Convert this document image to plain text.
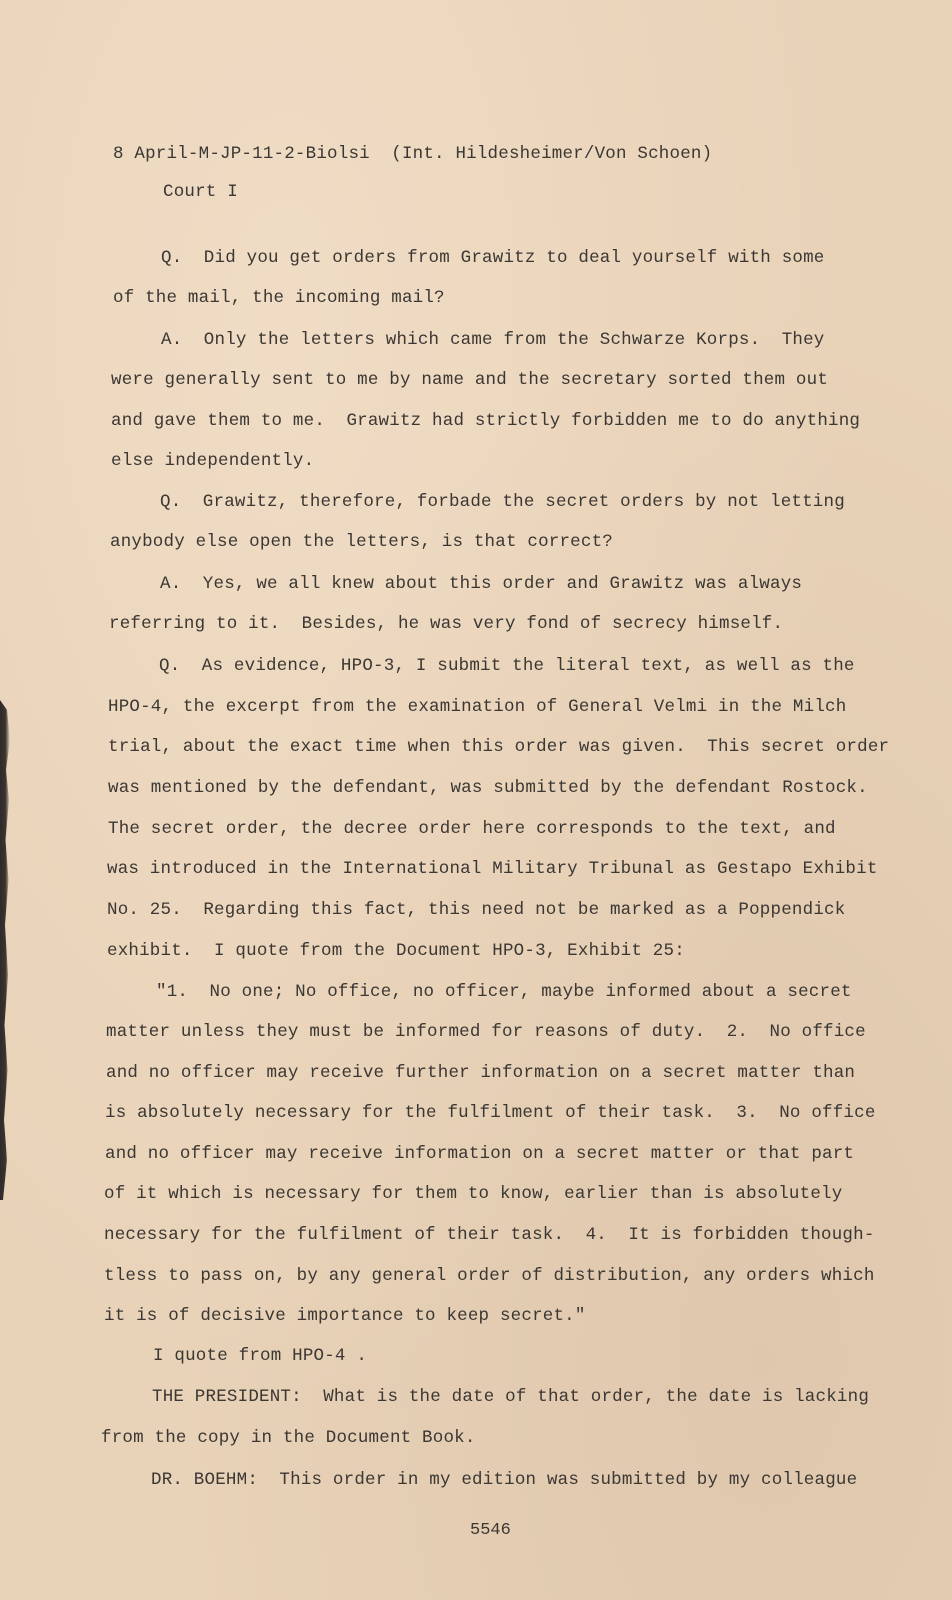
8 April-M-JP-11-2-Biolsi  (Int. Hildesheimer/Von Schoen)
Court I
Q.  Did you get orders from Grawitz to deal yourself with some
of the mail, the incoming mail?
A.  Only the letters which came from the Schwarze Korps.  They
were generally sent to me by name and the secretary sorted them out
and gave them to me.  Grawitz had strictly forbidden me to do anything
else independently.
Q.  Grawitz, therefore, forbade the secret orders by not letting
anybody else open the letters, is that correct?
A.  Yes, we all knew about this order and Grawitz was always
referring to it.  Besides, he was very fond of secrecy himself.
Q.  As evidence, HPO-3, I submit the literal text, as well as the
HPO-4, the excerpt from the examination of General Velmi in the Milch
trial, about the exact time when this order was given.  This secret order
was mentioned by the defendant, was submitted by the defendant Rostock.
The secret order, the decree order here corresponds to the text, and
was introduced in the International Military Tribunal as Gestapo Exhibit
No. 25.  Regarding this fact, this need not be marked as a Poppendick
exhibit.  I quote from the Document HPO-3, Exhibit 25:
"1.  No one; No office, no officer, maybe informed about a secret
matter unless they must be informed for reasons of duty.  2.  No office
and no officer may receive further information on a secret matter than
is absolutely necessary for the fulfilment of their task.  3.  No office
and no officer may receive information on a secret matter or that part
of it which is necessary for them to know, earlier than is absolutely
necessary for the fulfilment of their task.  4.  It is forbidden though-
tless to pass on, by any general order of distribution, any orders which
it is of decisive importance to keep secret."
I quote from HPO-4 .
THE PRESIDENT:  What is the date of that order, the date is lacking
from the copy in the Document Book.
DR. BOEHM:  This order in my edition was submitted by my colleague
5546
